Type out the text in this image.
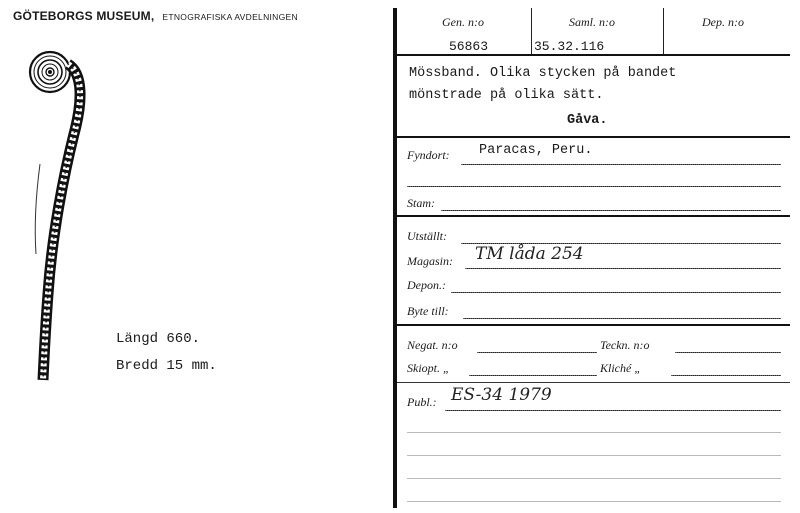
GÖTEBORGS MUSEUM, ETNOGRAFISKA AVDELNINGEN
Längd 660.
Bredd 15 mm.
Gen. n:o
56863
Saml. n:o
35.32.116
Dep. n:o
Mössband. Olika stycken på bandet
mönstrade på olika sätt.
Gåva.
Fyndort: Paracas, Peru.
Stam:
Utställt:
Magasin: TM låda 254
Depon.:
Byte till:
Negat. n:o	Teckn. n:o
Skiopt. „	Kliché „
Publ.: ES-34 1979
